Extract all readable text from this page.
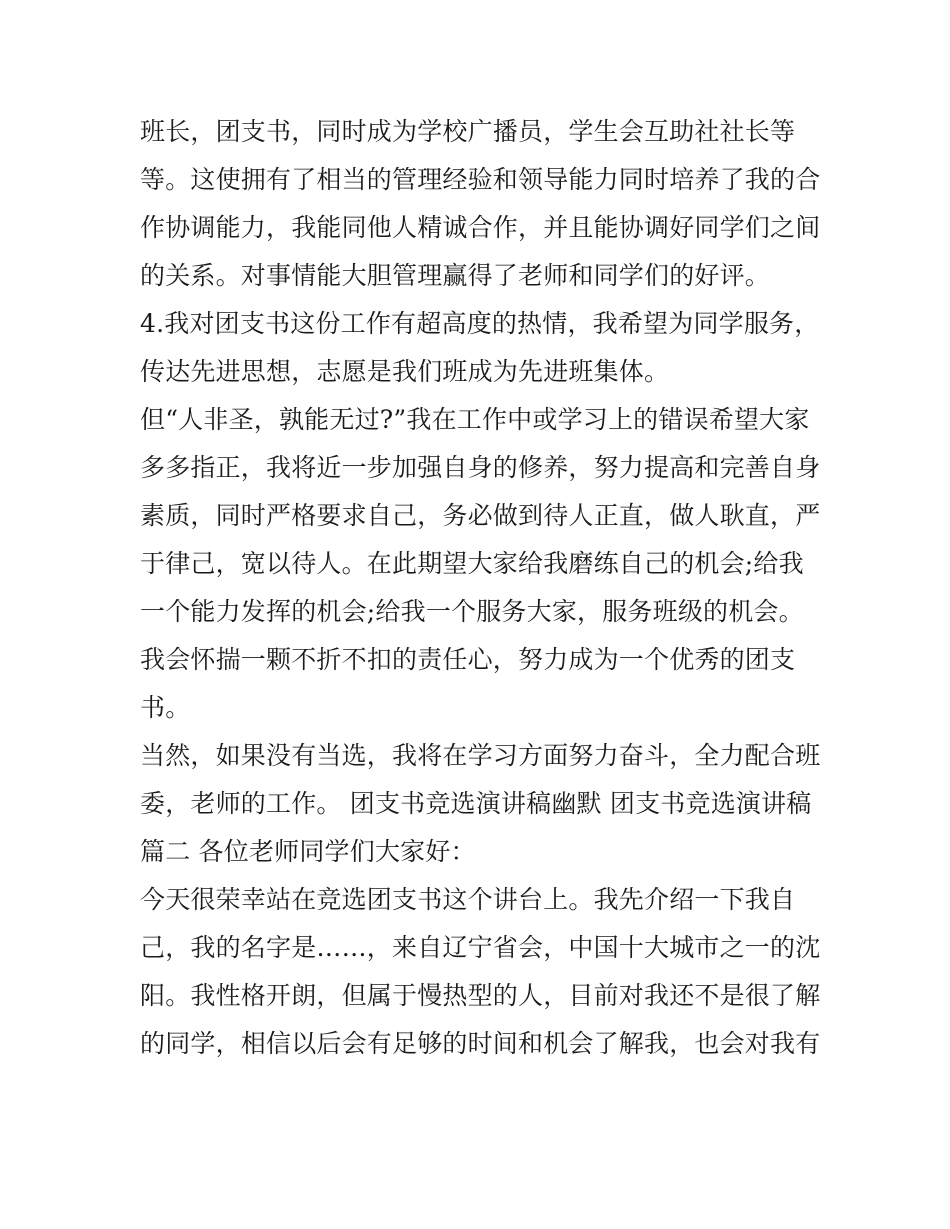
班长，团支书，同时成为学校广播员，学生会互助社社长等
等。这使拥有了相当的管理经验和领导能力同时培养了我的合
作协调能力，我能同他人精诚合作，并且能协调好同学们之间
的关系。对事情能大胆管理赢得了老师和同学们的好评。
4.我对团支书这份工作有超高度的热情，我希望为同学服务，
传达先进思想，志愿是我们班成为先进班集体。
但“人非圣，孰能无过?”我在工作中或学习上的错误希望大家
多多指正，我将近一步加强自身的修养，努力提高和完善自身
素质，同时严格要求自己，务必做到待人正直，做人耿直，严
于律己，宽以待人。在此期望大家给我磨练自己的机会;给我
一个能力发挥的机会;给我一个服务大家，服务班级的机会。
我会怀揣一颗不折不扣的责任心，努力成为一个优秀的团支
书。
当然，如果没有当选，我将在学习方面努力奋斗，全力配合班
委，老师的工作。 团支书竞选演讲稿幽默 团支书竞选演讲稿
篇二 各位老师同学们大家好：
今天很荣幸站在竞选团支书这个讲台上。我先介绍一下我自
己，我的名字是……，来自辽宁省会，中国十大城市之一的沈
阳。我性格开朗，但属于慢热型的人，目前对我还不是很了解
的同学，相信以后会有足够的时间和机会了解我，也会对我有
